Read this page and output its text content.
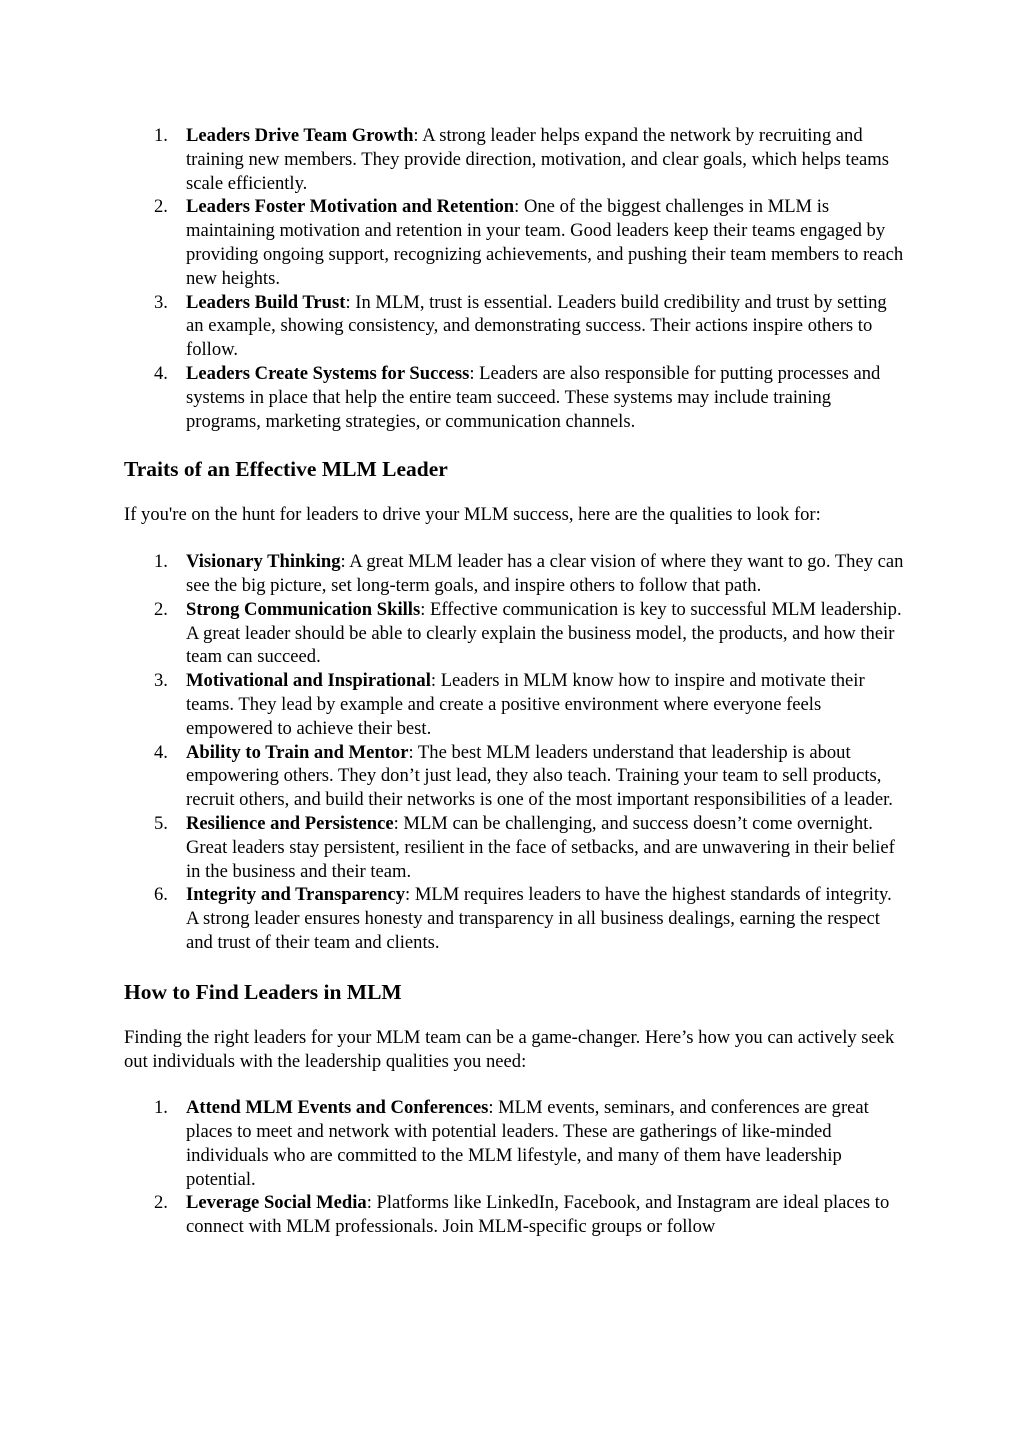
1. Leaders Drive Team Growth: A strong leader helps expand the network by recruiting and training new members. They provide direction, motivation, and clear goals, which helps teams scale efficiently.
2. Leaders Foster Motivation and Retention: One of the biggest challenges in MLM is maintaining motivation and retention in your team. Good leaders keep their teams engaged by providing ongoing support, recognizing achievements, and pushing their team members to reach new heights.
3. Leaders Build Trust: In MLM, trust is essential. Leaders build credibility and trust by setting an example, showing consistency, and demonstrating success. Their actions inspire others to follow.
4. Leaders Create Systems for Success: Leaders are also responsible for putting processes and systems in place that help the entire team succeed. These systems may include training programs, marketing strategies, or communication channels.
Traits of an Effective MLM Leader

If you're on the hunt for leaders to drive your MLM success, here are the qualities to look for:

1. Visionary Thinking: A great MLM leader has a clear vision of where they want to go. They can see the big picture, set long-term goals, and inspire others to follow that path.
2. Strong Communication Skills: Effective communication is key to successful MLM leadership. A great leader should be able to clearly explain the business model, the products, and how their team can succeed.
3. Motivational and Inspirational: Leaders in MLM know how to inspire and motivate their teams. They lead by example and create a positive environment where everyone feels empowered to achieve their best.
4. Ability to Train and Mentor: The best MLM leaders understand that leadership is about empowering others. They don’t just lead, they also teach. Training your team to sell products, recruit others, and build their networks is one of the most important responsibilities of a leader.
5. Resilience and Persistence: MLM can be challenging, and success doesn’t come overnight. Great leaders stay persistent, resilient in the face of setbacks, and are unwavering in their belief in the business and their team.
6. Integrity and Transparency: MLM requires leaders to have the highest standards of integrity. A strong leader ensures honesty and transparency in all business dealings, earning the respect and trust of their team and clients.
How to Find Leaders in MLM

Finding the right leaders for your MLM team can be a game-changer. Here’s how you can actively seek out individuals with the leadership qualities you need:

1. Attend MLM Events and Conferences: MLM events, seminars, and conferences are great places to meet and network with potential leaders. These are gatherings of like-minded individuals who are committed to the MLM lifestyle, and many of them have leadership potential.
2. Leverage Social Media: Platforms like LinkedIn, Facebook, and Instagram are ideal places to connect with MLM professionals. Join MLM-specific groups or follow
